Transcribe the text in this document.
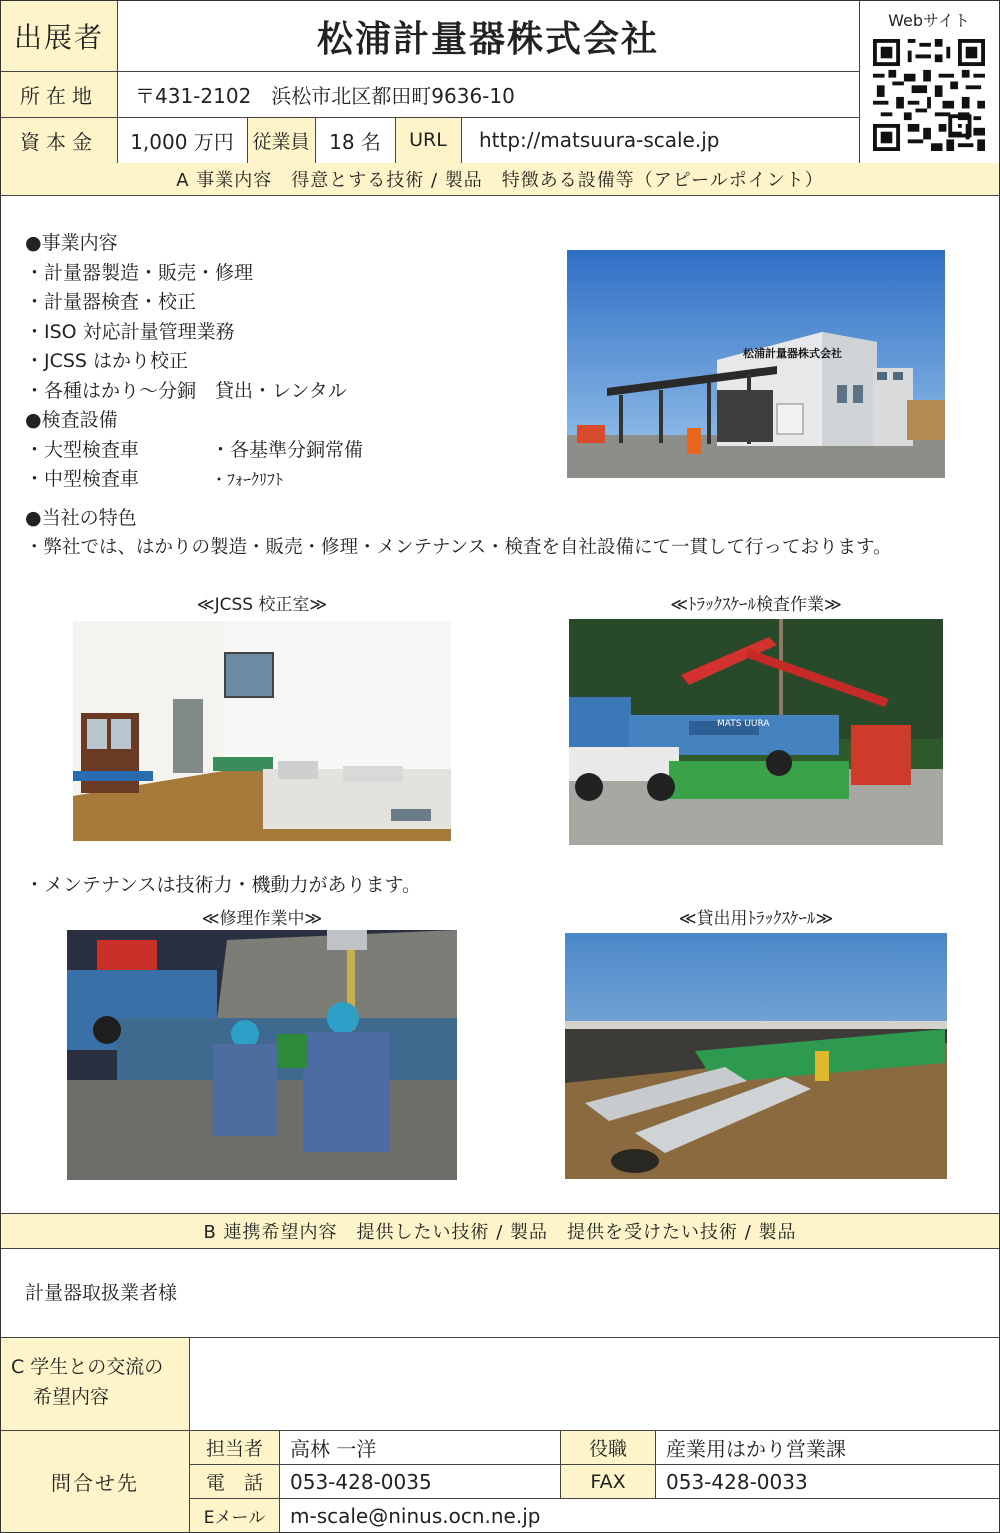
出展者	松浦計量器株式会社	Webサイト
所在地	〒431-2102　浜松市北区都田町9636-10
資本金	1,000 万円 従業員 18 名	URL	http://matsuura-scale.jp
A 事業内容　得意とする技術 / 製品　特徴ある設備等（アピールポイント）
●事業内容
・計量器製造・販売・修理
・計量器検査・校正
・ISO 対応計量管理業務
・JCSS はかり校正
・各種はかり～分銅　貸出・レンタル
●検査設備
・大型検査車
・中型検査車
・各基準分銅常備
・ﾌｫｰｸﾘﾌﾄ
●当社の特色
・弊社では、はかりの製造・販売・修理・メンテナンス・検査を自社設備にて一貫して行っております。
松浦計量器株式会社
≪JCSS 校正室≫	≪ﾄﾗｯｸｽｹｰﾙ検査作業≫
MATS UURA
・メンテナンスは技術力・機動力があります。
≪修理作業中≫	≪貸出用ﾄﾗｯｸｽｹｰﾙ≫
B 連携希望内容　提供したい技術 / 製品　提供を受けたい技術 / 製品
計量器取扱業者様
C 学生との交流の
希望内容
問合せ先
担当者	高林 一洋	役職	産業用はかり営業課
電　話	053-428-0035	FAX	053-428-0033
Eメール	m-scale@ninus.ocn.ne.jp
